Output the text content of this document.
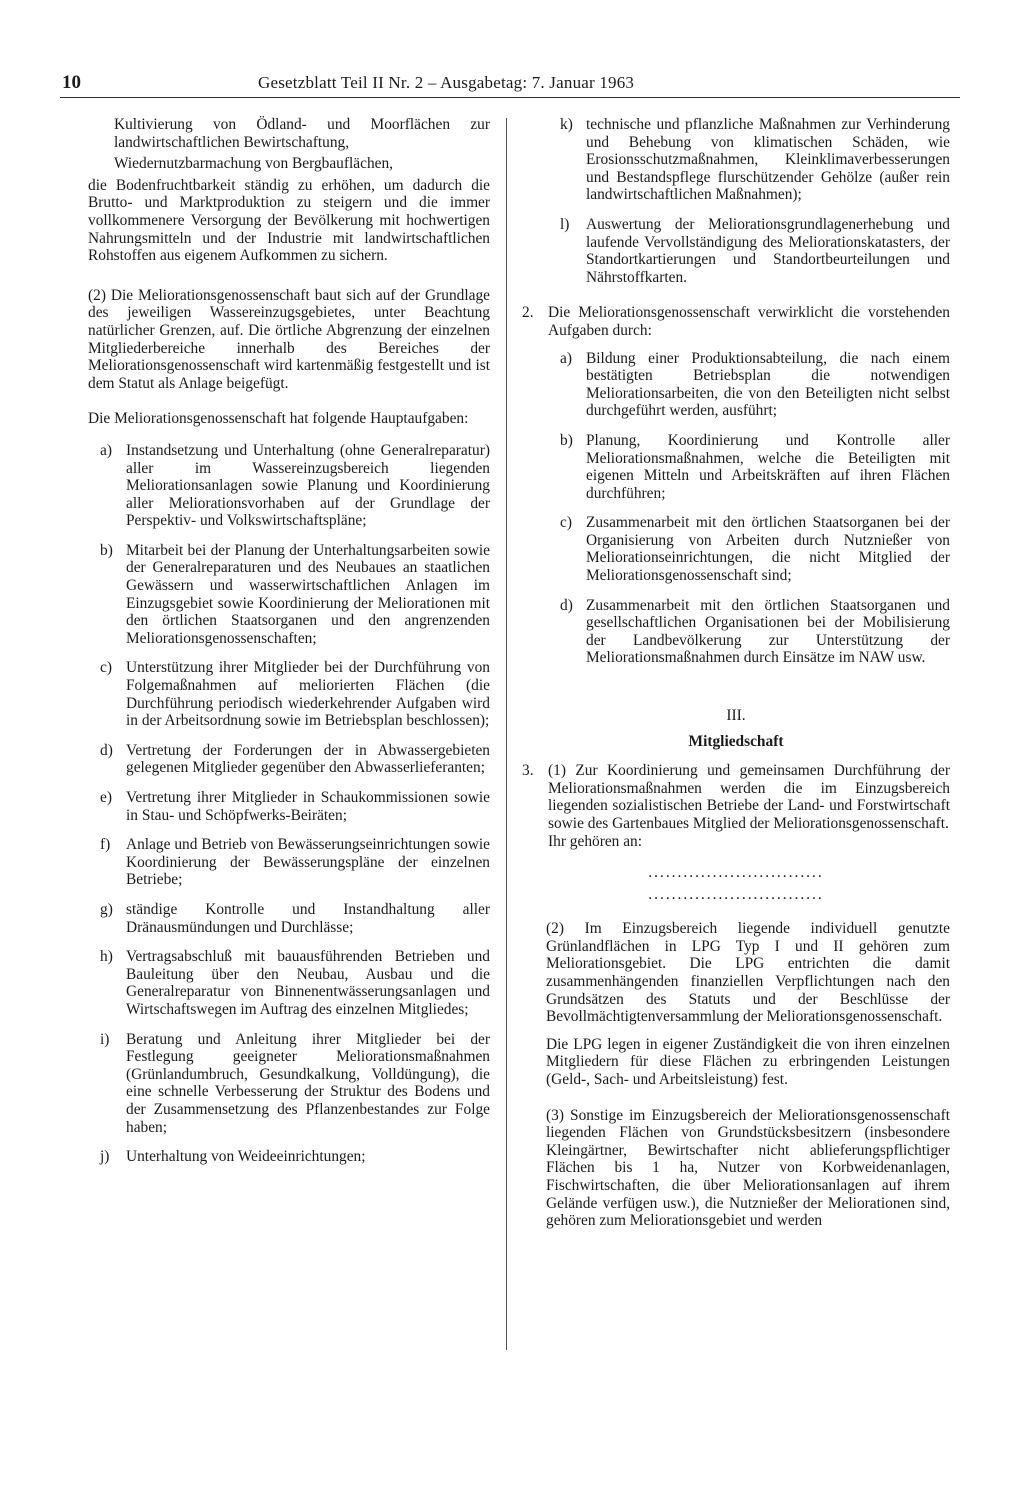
10	Gesetzblatt Teil II Nr. 2 – Ausgabetag: 7. Januar 1963

Kultivierung von Ödland- und Moorflächen zur landwirtschaftlichen Bewirtschaftung,

Wiedernutzbarmachung von Bergbauflächen,

die Bodenfruchtbarkeit ständig zu erhöhen, um dadurch die Brutto- und Marktproduktion zu steigern und die immer vollkommenere Versorgung der Bevölkerung mit hochwertigen Nahrungsmitteln und der Industrie mit landwirtschaftlichen Rohstoffen aus eigenem Aufkommen zu sichern.

(2) Die Meliorationsgenossenschaft baut sich auf der Grundlage des jeweiligen Wassereinzugsgebietes, unter Beachtung natürlicher Grenzen, auf. Die örtliche Abgrenzung der einzelnen Mitgliederbereiche innerhalb des Bereiches der Meliorationsgenossenschaft wird kartenmäßig festgestellt und ist dem Statut als Anlage beigefügt.

Die Meliorationsgenossenschaft hat folgende Hauptaufgaben:

a) Instandsetzung und Unterhaltung (ohne Generalreparatur) aller im Wassereinzugsbereich liegenden Meliorationsanlagen sowie Planung und Koordinierung aller Meliorationsvorhaben auf der Grundlage der Perspektiv- und Volkswirtschaftspläne;
b) Mitarbeit bei der Planung der Unterhaltungsarbeiten sowie der Generalreparaturen und des Neubaues an staatlichen Gewässern und wasserwirtschaftlichen Anlagen im Einzugsgebiet sowie Koordinierung der Meliorationen mit den örtlichen Staatsorganen und den angrenzenden Meliorationsgenossenschaften;
c) Unterstützung ihrer Mitglieder bei der Durchführung von Folgemaßnahmen auf meliorierten Flächen (die Durchführung periodisch wiederkehrender Aufgaben wird in der Arbeitsordnung sowie im Betriebsplan beschlossen);
d) Vertretung der Forderungen der in Abwassergebieten gelegenen Mitglieder gegenüber den Abwasserlieferanten;
e) Vertretung ihrer Mitglieder in Schaukommissionen sowie in Stau- und Schöpfwerks-Beiräten;
f)	Anlage und Betrieb von Bewässerungseinrichtungen sowie Koordinierung der Bewässerungspläne der einzelnen Betriebe;
g) ständige Kontrolle und Instandhaltung aller Dränausmündungen und Durchlässe;
h) Vertragsabschluß mit bauausführenden Betrieben und Bauleitung über den Neubau, Ausbau und die Generalreparatur von Binnenentwässerungsanlagen und Wirtschaftswegen im Auftrag des einzelnen Mitgliedes;
i)	Beratung und Anleitung ihrer Mitglieder bei der Festlegung geeigneter Meliorationsmaßnahmen (Grünlandumbruch, Gesundkalkung, Volldüngung), die eine schnelle Verbesserung der Struktur des Bodens und der Zusammensetzung des Pflanzenbestandes zur Folge haben;
j)	Unterhaltung von Weideeinrichtungen;
k) technische und pflanzliche Maßnahmen zur Verhinderung und Behebung von klimatischen Schäden, wie Erosionsschutzmaßnahmen, Kleinklimaverbesserungen und Bestandspflege flurschützender Gehölze (außer rein landwirtschaftlichen Maßnahmen);
l)	Auswertung der Meliorationsgrundlagenerhebung und laufende Vervollständigung des Meliorationskatasters, der Standortkartierungen und Standortbeurteilungen und Nährstoffkarten.
2. Die Meliorationsgenossenschaft verwirklicht die vorstehenden Aufgaben durch:
a) Bildung einer Produktionsabteilung, die nach einem bestätigten Betriebsplan die notwendigen Meliorationsarbeiten, die von den Beteiligten nicht selbst durchgeführt werden, ausführt;
b) Planung, Koordinierung und Kontrolle aller Meliorationsmaßnahmen, welche die Beteiligten mit eigenen Mitteln und Arbeitskräften auf ihren Flächen durchführen;
c) Zusammenarbeit mit den örtlichen Staatsorganen bei der Organisierung von Arbeiten durch Nutznießer von Meliorationseinrichtungen, die nicht Mitglied der Meliorationsgenossenschaft sind;
d) Zusammenarbeit mit den örtlichen Staatsorganen und gesellschaftlichen Organisationen bei der Mobilisierung der Landbevölkerung zur Unterstützung der Meliorationsmaßnahmen durch Einsätze im NAW usw.
III.
Mitgliedschaft
3. (1) Zur Koordinierung und gemeinsamen Durchführung der Meliorationsmaßnahmen werden die im Einzugsbereich liegenden sozialistischen Betriebe der Land- und Forstwirtschaft sowie des Gartenbaues Mitglied der Meliorationsgenossenschaft.

Ihr gehören an:

..............................
..............................

(2) Im Einzugsbereich liegende individuell genutzte Grünlandflächen in LPG Typ I und II gehören zum Meliorationsgebiet. Die LPG entrichten die damit zusammenhängenden finanziellen Verpflichtungen nach den Grundsätzen des Statuts und der Beschlüsse der Bevollmächtigtenversammlung der Meliorationsgenossenschaft.

Die LPG legen in eigener Zuständigkeit die von ihren einzelnen Mitgliedern für diese Flächen zu erbringenden Leistungen (Geld-, Sach- und Arbeitsleistung) fest.

(3) Sonstige im Einzugsbereich der Meliorationsgenossenschaft liegenden Flächen von Grundstücksbesitzern (insbesondere Kleingärtner, Bewirtschafter nicht ablieferungspflichtiger Flächen bis 1 ha, Nutzer von Korbweidenanlagen, Fischwirtschaften, die über Meliorationsanlagen auf ihrem Gelände verfügen usw.), die Nutznießer der Meliorationen sind, gehören zum Meliorationsgebiet und werden
